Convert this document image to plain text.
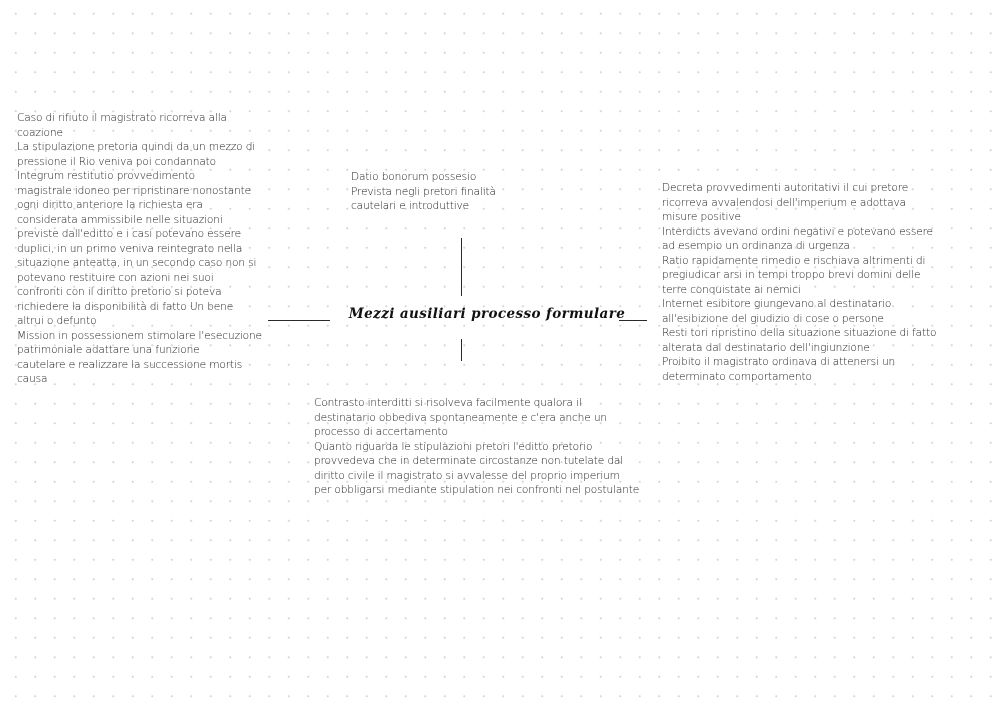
Caso di rifiuto il magistrato ricorreva alla
coazione
La stipulazione pretoria quindi da un mezzo di
pressione il Rio veniva poi condannato
Integrum restitutio provvedimento
magistrale idoneo per ripristinare nonostante
ogni diritto anteriore la richiesta era
considerata ammissibile nelle situazioni
previste dall'editto e i casi potevano essere
duplici, in un primo veniva reintegrato nella
situazione anteatta, in un secondo caso non si
potevano restituire con azioni nei suoi
confronti con il diritto pretorio si poteva
richiedere la disponibilità di fatto Un bene
altrui o defunto
Mission in possessionem stimolare l'esecuzione
patrimoniale adattare una funzione
cautelare e realizzare la successione mortis
causa
Datio bonorum possesio
Prevista negli pretori finalità
cautelari e introduttive
Decreta provvedimenti autoritativi il cui pretore
ricorreva avvalendosi dell'imperium e adottava
misure positive
Interdicts avevano ordini negativi e potevano essere
ad esempio un ordinanza di urgenza
Ratio rapidamente rimedio e rischiava altrimenti di
pregiudicar arsi in tempi troppo brevi domini delle
terre conquistate ai nemici
Internet esibitore giungevano al destinatario
all'esibizione del giudizio di cose o persone
Resti tori ripristino della situazione situazione di fatto
alterata dal destinatario dell'ingiunzione
Proibito il magistrato ordinava di attenersi un
determinato comportamento
Contrasto interditti si risolveva facilmente qualora il
destinatario obbediva spontaneamente e c'era anche un
processo di accertamento
Quanto riguarda le stipulazioni pretori l'editto pretorio
provvedeva che in determinate circostanze non tutelate dal
diritto civile il magistrato si avvalesse del proprio imperium
per obbligarsi mediante stipulation nei confronti nel postulante
Mezzi ausiliari processo formulare
